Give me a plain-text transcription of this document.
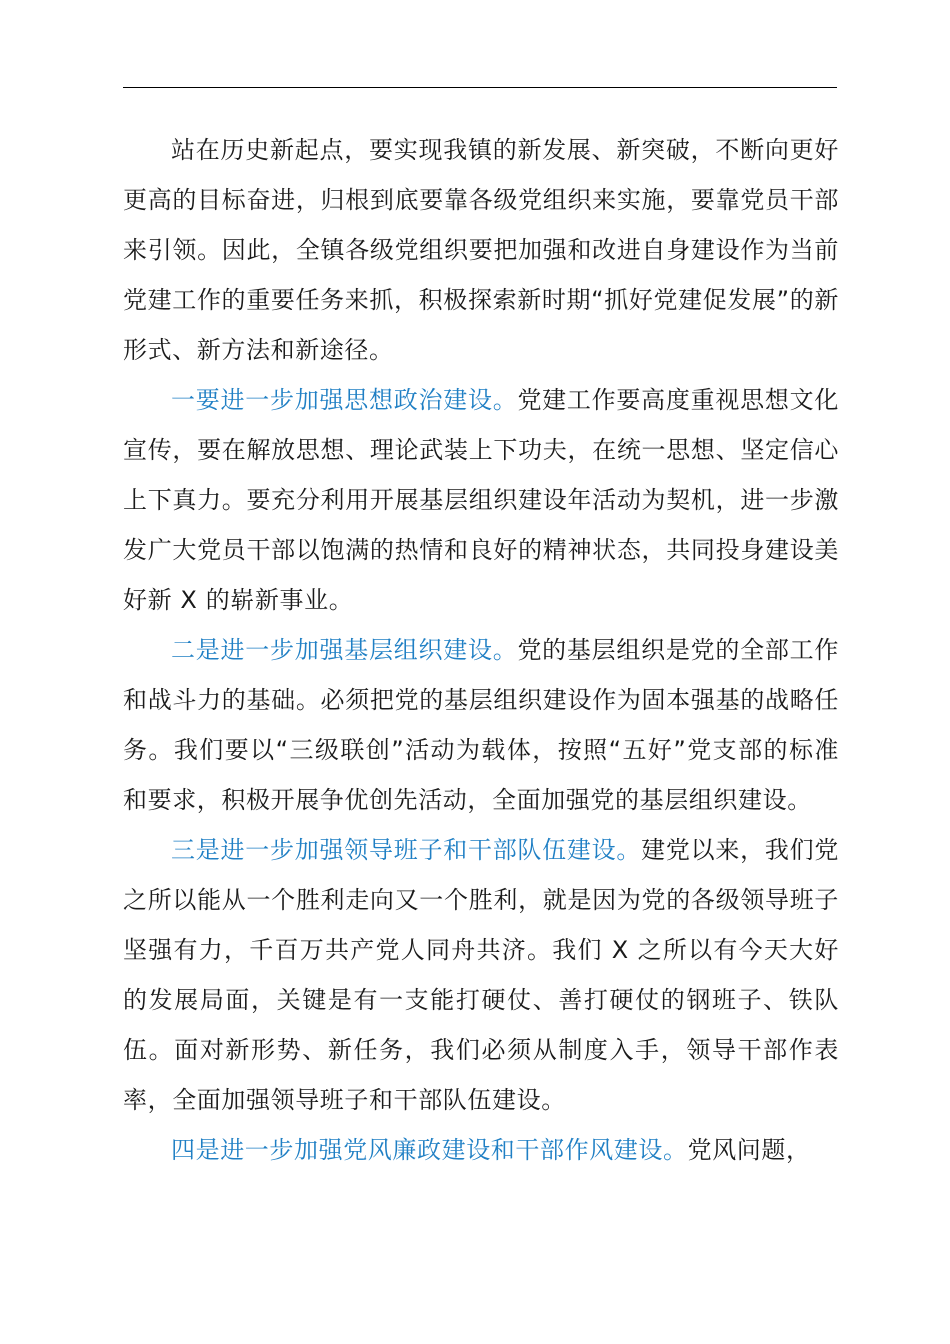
站在历史新起点，要实现我镇的新发展、新突破，不断向更好更高的目标奋进，归根到底要靠各级党组织来实施，要靠党员干部来引领。因此，全镇各级党组织要把加强和改进自身建设作为当前党建工作的重要任务来抓，积极探索新时期“抓好党建促发展”的新形式、新方法和新途径。

一要进一步加强思想政治建设。党建工作要高度重视思想文化宣传，要在解放思想、理论武装上下功夫，在统一思想、坚定信心上下真力。要充分利用开展基层组织建设年活动为契机，进一步激发广大党员干部以饱满的热情和良好的精神状态，共同投身建设美好新 X 的崭新事业。

二是进一步加强基层组织建设。党的基层组织是党的全部工作和战斗力的基础。必须把党的基层组织建设作为固本强基的战略任务。我们要以“三级联创”活动为载体，按照“五好”党支部的标准和要求，积极开展争优创先活动，全面加强党的基层组织建设。

三是进一步加强领导班子和干部队伍建设。建党以来，我们党之所以能从一个胜利走向又一个胜利，就是因为党的各级领导班子坚强有力，千百万共产党人同舟共济。我们 X 之所以有今天大好的发展局面，关键是有一支能打硬仗、善打硬仗的钢班子、铁队伍。面对新形势、新任务，我们必须从制度入手，领导干部作表率，全面加强领导班子和干部队伍建设。

四是进一步加强党风廉政建设和干部作风建设。党风问题，
